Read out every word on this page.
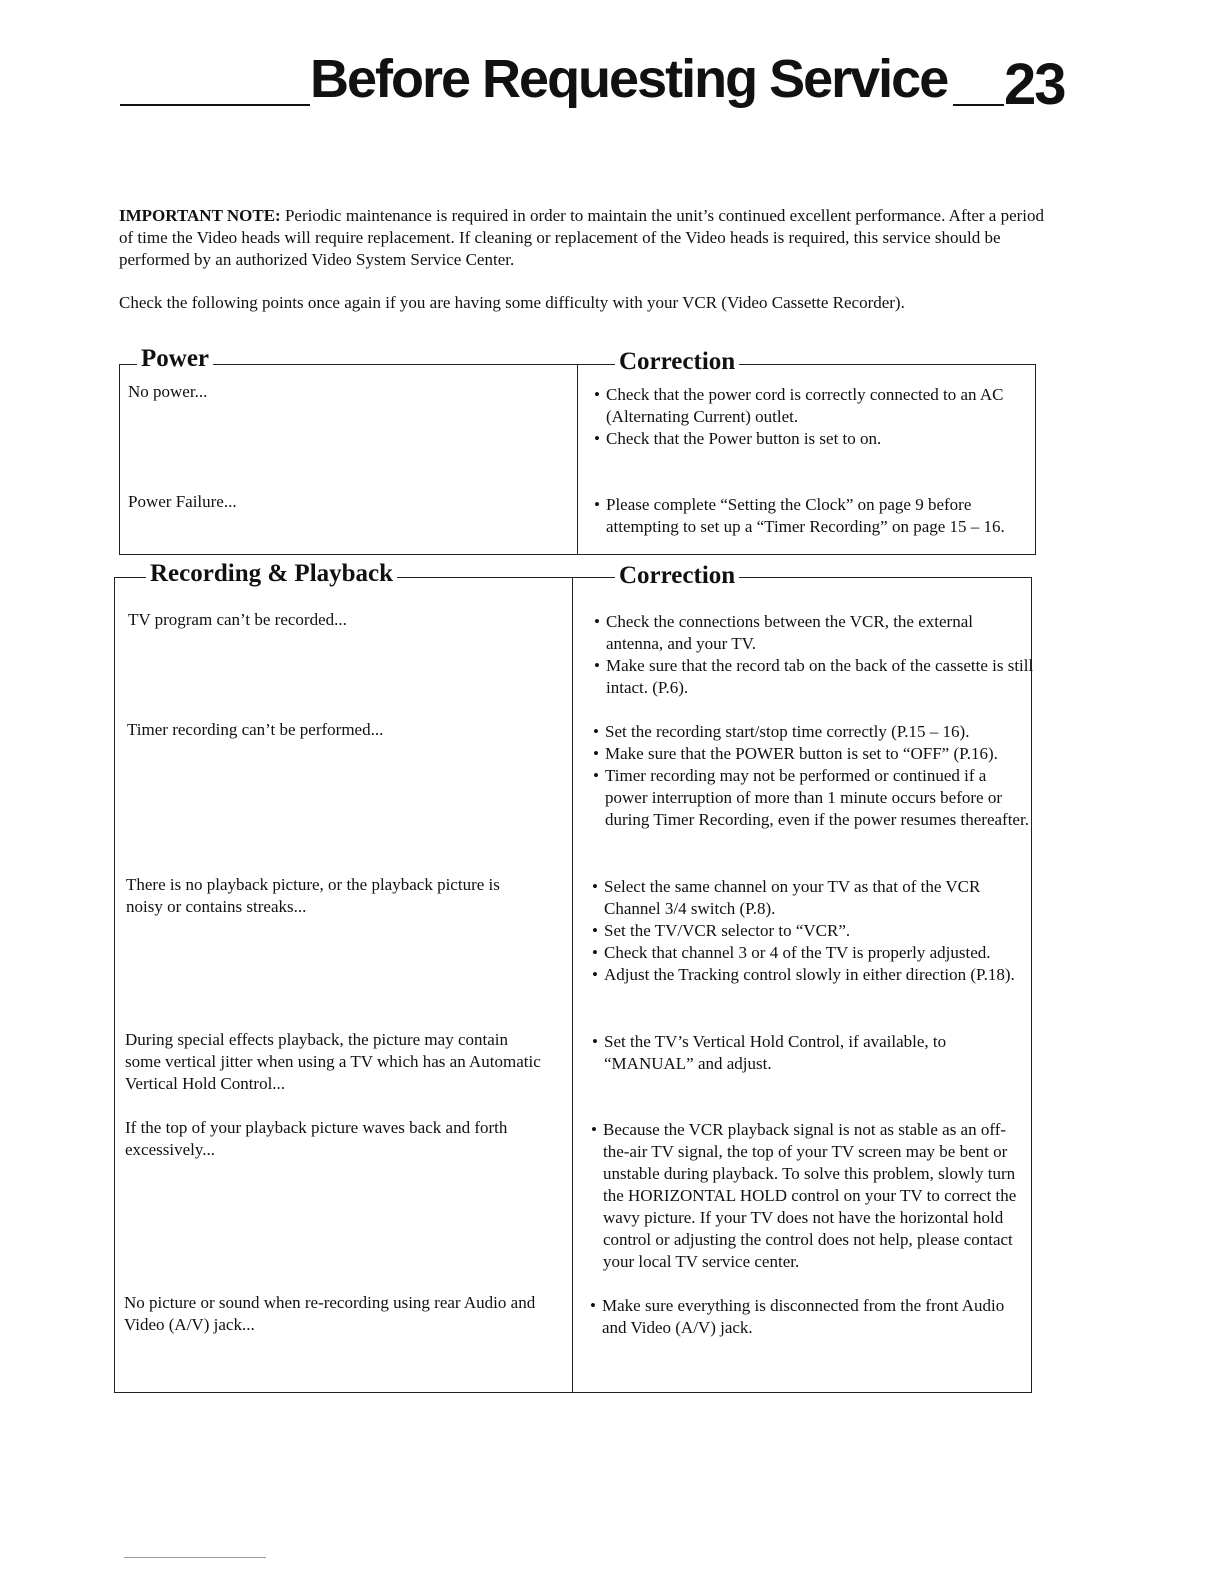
Before Requesting Service 23
IMPORTANT NOTE: Periodic maintenance is required in order to maintain the unit’s continued excellent performance. After a period of time the Video heads will require replacement. If cleaning or replacement of the Video heads is required, this service should be performed by an authorized Video System Service Center.
Check the following points once again if you are having some difficulty with your VCR (Video Cassette Recorder).
Power	Correction
No power...	• Check that the power cord is correctly connected to an AC (Alternating Current) outlet.
• Check that the Power button is set to on.
Power Failure...	• Please complete “Setting the Clock” on page 9 before attempting to set up a “Timer Recording” on page 15 – 16.
Recording & Playback	Correction
TV program can’t be recorded...	• Check the connections between the VCR, the external antenna, and your TV.
• Make sure that the record tab on the back of the cassette is still intact. (P.6).
Timer recording can’t be performed...	• Set the recording start/stop time correctly (P.15 – 16).
• Make sure that the POWER button is set to “OFF” (P.16).
• Timer recording may not be performed or continued if a power interruption of more than 1 minute occurs before or during Timer Recording, even if the power resumes thereafter.
There is no playback picture, or the playback picture is noisy or contains streaks...
• Select the same channel on your TV as that of the VCR Channel 3/4 switch (P.8).
• Set the TV/VCR selector to “VCR”.
• Check that channel 3 or 4 of the TV is properly adjusted.
• Adjust the Tracking control slowly in either direction (P.18).
During special effects playback, the picture may contain some vertical jitter when using a TV which has an Automatic Vertical Hold Control...
• Set the TV’s Vertical Hold Control, if available, to “MANUAL” and adjust.
If the top of your playback picture waves back and forth excessively...
• Because the VCR playback signal is not as stable as an off-the-air TV signal, the top of your TV screen may be bent or unstable during playback. To solve this problem, slowly turn the HORIZONTAL HOLD control on your TV to correct the wavy picture. If your TV does not have the horizontal hold control or adjusting the control does not help, please contact your local TV service center.
No picture or sound when re-recording using rear Audio and Video (A/V) jack...
• Make sure everything is disconnected from the front Audio and Video (A/V) jack.
